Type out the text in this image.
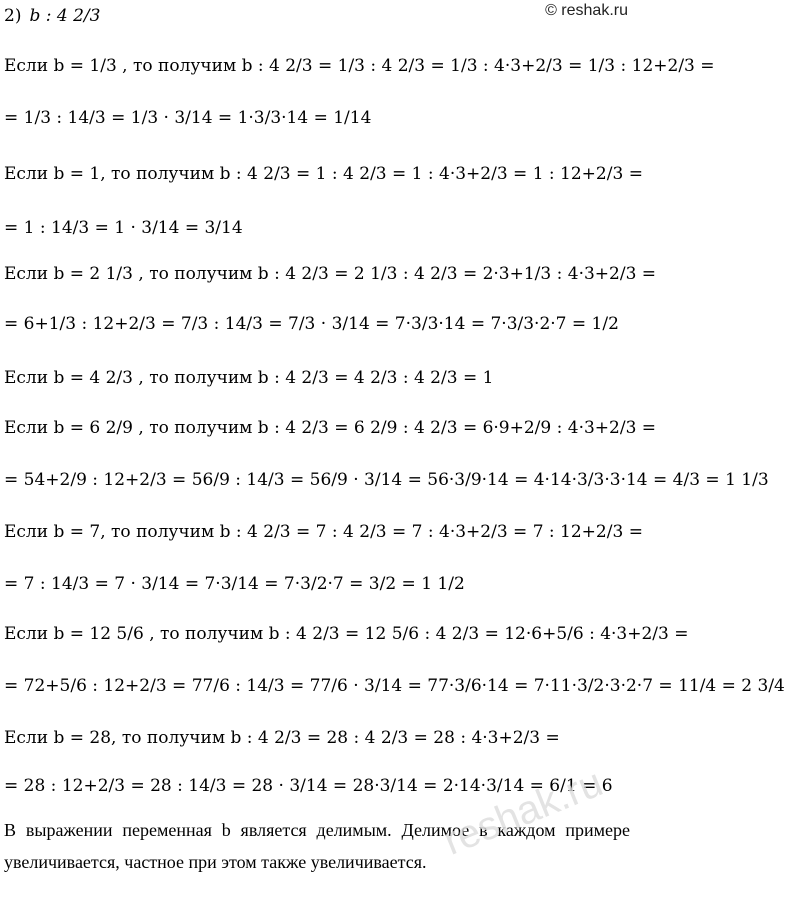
2) b : 4 2/3	© reshak.ru
Если b = 1/3 , то получим b : 4 2/3 = 1/3 : 4 2/3 = 1/3 : 4·3+2/3 = 1/3 : 12+2/3 =
= 1/3 : 14/3 = 1/3 · 3/14 = 1·3/3·14 = 1/14
Если b = 1, то получим b : 4 2/3 = 1 : 4 2/3 = 1 : 4·3+2/3 = 1 : 12+2/3 =
= 1 : 14/3 = 1 · 3/14 = 3/14
Если b = 2 1/3 , то получим b : 4 2/3 = 2 1/3 : 4 2/3 = 2·3+1/3 : 4·3+2/3 =
= 6+1/3 : 12+2/3 = 7/3 : 14/3 = 7/3 · 3/14 = 7·3/3·14 = 7·3/3·2·7 = 1/2
Если b = 4 2/3 , то получим b : 4 2/3 = 4 2/3 : 4 2/3 = 1
Если b = 6 2/9 , то получим b : 4 2/3 = 6 2/9 : 4 2/3 = 6·9+2/9 : 4·3+2/3 =
= 54+2/9 : 12+2/3 = 56/9 : 14/3 = 56/9 · 3/14 = 56·3/9·14 = 4·14·3/3·3·14 = 4/3 = 1 1/3
Если b = 7, то получим b : 4 2/3 = 7 : 4 2/3 = 7 : 4·3+2/3 = 7 : 12+2/3 =
= 7 : 14/3 = 7 · 3/14 = 7·3/14 = 7·3/2·7 = 3/2 = 1 1/2
Если b = 12 5/6 , то получим b : 4 2/3 = 12 5/6 : 4 2/3 = 12·6+5/6 : 4·3+2/3 =
= 72+5/6 : 12+2/3 = 77/6 : 14/3 = 77/6 · 3/14 = 77·3/6·14 = 7·11·3/2·3·2·7 = 11/4 = 2 3/4
Если b = 28, то получим b : 4 2/3 = 28 : 4 2/3 = 28 : 4·3+2/3 =
= 28 : 12+2/3 = 28 : 14/3 = 28 · 3/14 = 28·3/14 = 2·14·3/14 = 6/1 = 6
В выражении переменная b является делимым. Делимое в каждом примере увеличивается, частное при этом также увеличивается. reshak.ru
